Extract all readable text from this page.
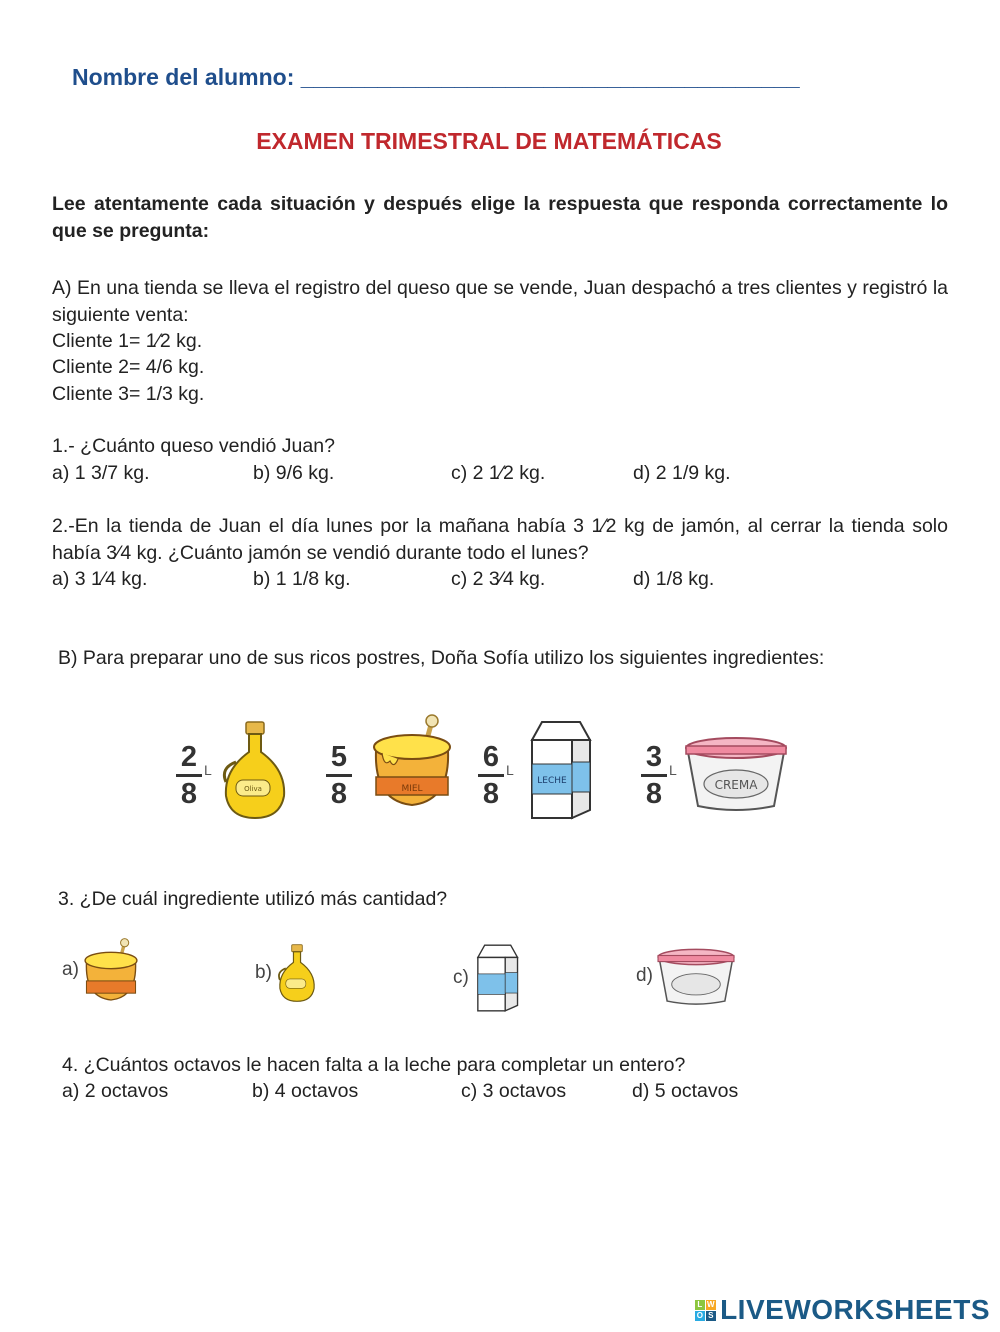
Nombre del alumno: _______________________________________
EXAMEN TRIMESTRAL DE MATEMÁTICAS
Lee atentamente cada situación y después elige la respuesta que responda correctamente lo que se pregunta:
A) En una tienda se lleva el registro del queso que se vende, Juan despachó a tres clientes y registró la siguiente venta:
Cliente 1= 1⁄2 kg.
Cliente 2= 4/6 kg.
Cliente 3= 1/3 kg.
1.- ¿Cuánto queso vendió Juan?
a) 1 3/7 kg.	b) 9/6 kg.	c) 2 1⁄2 kg.	d) 2 1/9 kg.
2.-En la tienda de Juan el día lunes por la mañana había 3 1⁄2 kg de jamón, al cerrar la tienda solo había 3⁄4 kg. ¿Cuánto jamón se vendió durante todo el lunes?
a) 3 1⁄4 kg.	b) 1 1/8 kg.	c) 2 3⁄4 kg.	d) 1/8 kg.
B) Para preparar uno de sus ricos postres, Doña Sofía utilizo los siguientes ingredientes:
2
8
L
Oliva
5
8	MIEL
6
8
L
LECHE
3
8
L
CREMA
3. ¿De cuál ingrediente utilizó más cantidad?
a)	b)	c)	d)
4. ¿Cuántos octavos le hacen falta a la leche para completar un entero?
a) 2 octavos	b) 4 octavos	c) 3 octavos	d) 5 octavos
L W
O S LIVEWORKSHEETS
